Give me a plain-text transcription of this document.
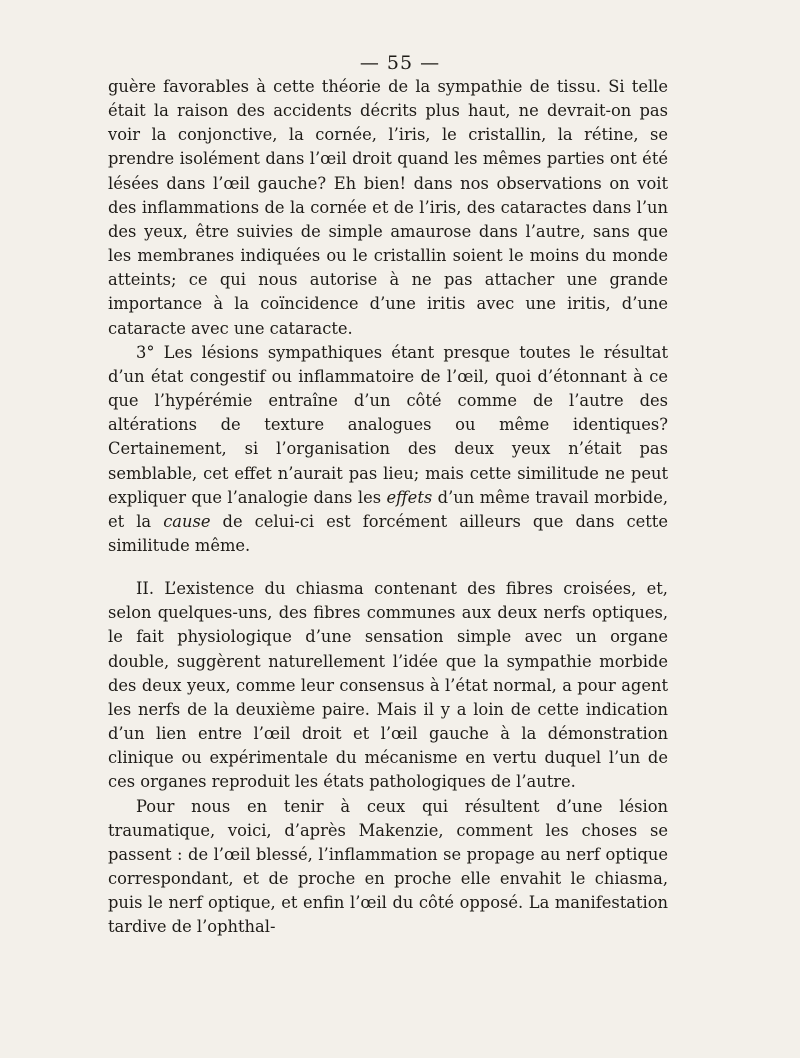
— 55 —

guère favorables à cette théorie de la sympathie de tissu. Si telle était la raison des accidents décrits plus haut, ne devrait-on pas voir la conjonctive, la cornée, l’iris, le cristallin, la rétine, se prendre isolément dans l’œil droit quand les mêmes parties ont été lésées dans l’œil gauche? Eh bien! dans nos observations on voit des inflammations de la cornée et de l’iris, des cataractes dans l’un des yeux, être suivies de simple amaurose dans l’autre, sans que les membranes indiquées ou le cristallin soient le moins du monde atteints; ce qui nous autorise à ne pas attacher une grande importance à la coïncidence d’une iritis avec une iritis, d’une cataracte avec une cataracte.

3° Les lésions sympathiques étant presque toutes le résultat d’un état congestif ou inflammatoire de l’œil, quoi d’étonnant à ce que l’hypérémie entraîne d’un côté comme de l’autre des altérations de texture analogues ou même identiques? Certainement, si l’organisation des deux yeux n’était pas semblable, cet effet n’aurait pas lieu; mais cette similitude ne peut expliquer que l’analogie dans les effets d’un même travail morbide, et la cause de celui-ci est forcément ailleurs que dans cette similitude même.

II. L’existence du chiasma contenant des fibres croisées, et, selon quelques-uns, des fibres communes aux deux nerfs optiques, le fait physiologique d’une sensation simple avec un organe double, suggèrent naturellement l’idée que la sympathie morbide des deux yeux, comme leur consensus à l’état normal, a pour agent les nerfs de la deuxième paire. Mais il y a loin de cette indication d’un lien entre l’œil droit et l’œil gauche à la démonstration clinique ou expérimentale du mécanisme en vertu duquel l’un de ces organes reproduit les états pathologiques de l’autre.

Pour nous en tenir à ceux qui résultent d’une lésion traumatique, voici, d’après Makenzie, comment les choses se passent : de l’œil blessé, l’inflammation se propage au nerf optique correspondant, et de proche en proche elle envahit le chiasma, puis le nerf optique, et enfin l’œil du côté opposé. La manifestation tardive de l’ophthal-
